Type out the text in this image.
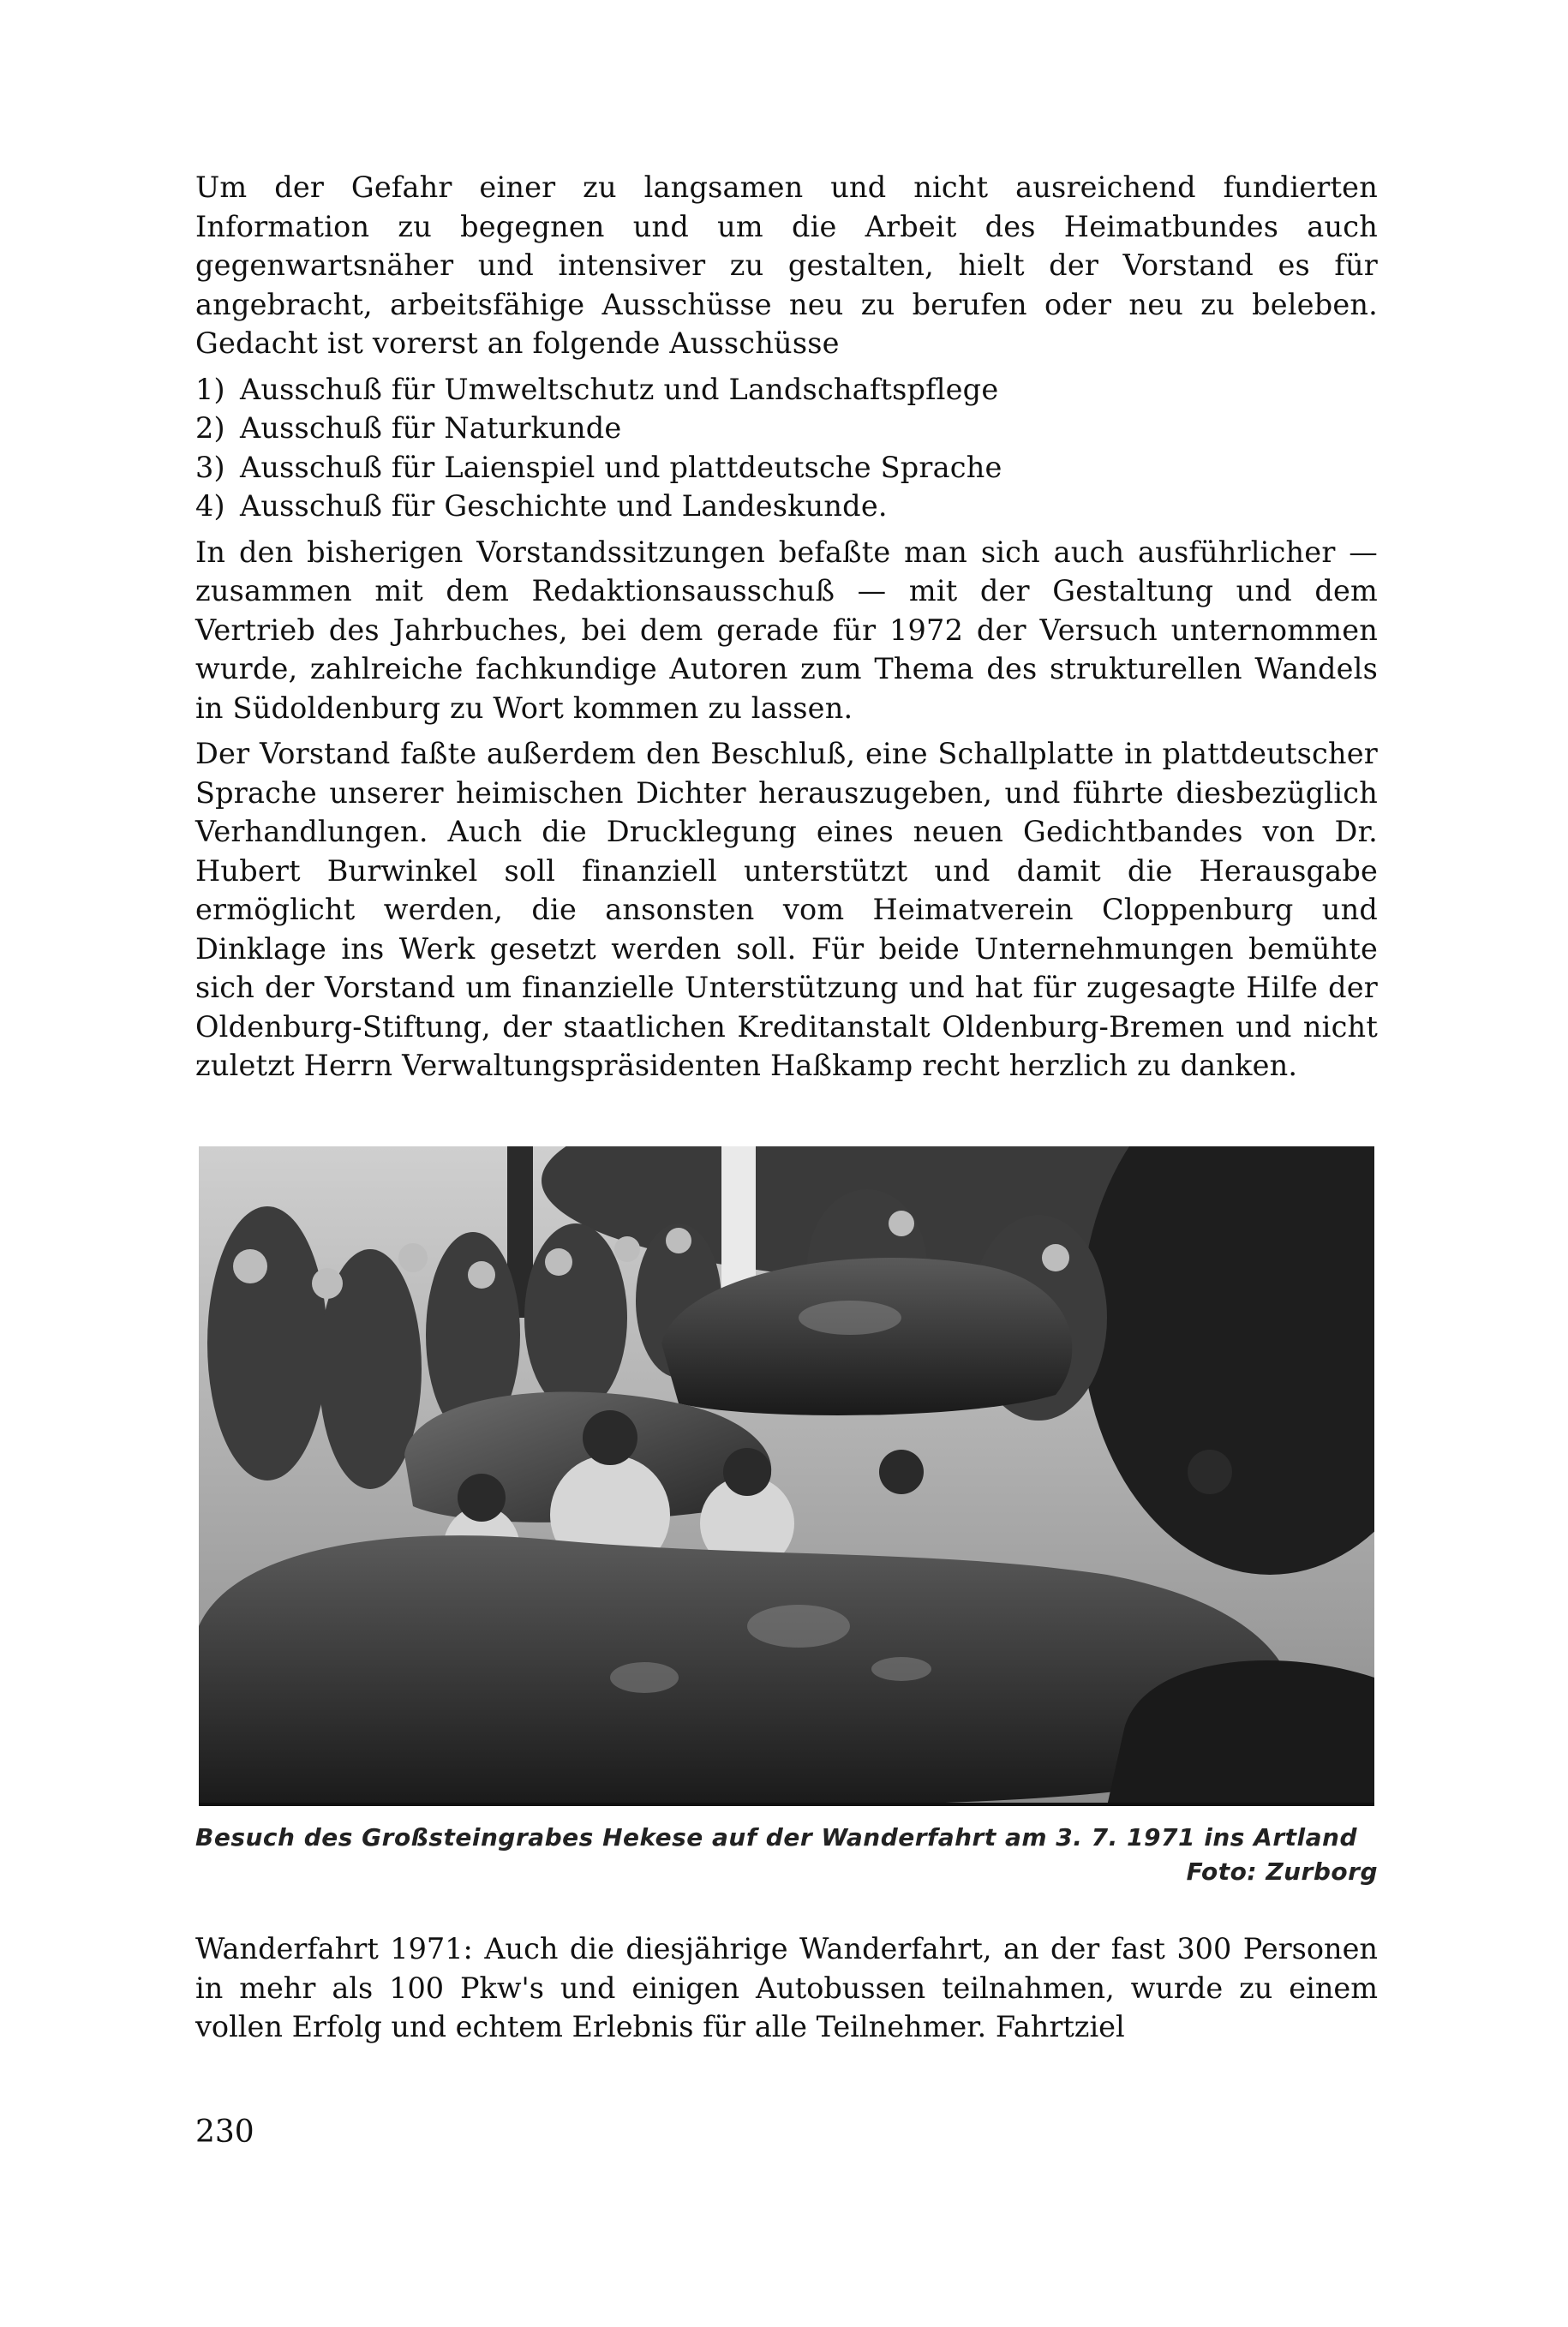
Um der Gefahr einer zu langsamen und nicht ausreichend fundierten Information zu begegnen und um die Arbeit des Heimatbundes auch gegenwartsnäher und intensiver zu gestalten, hielt der Vorstand es für angebracht, arbeitsfähige Ausschüsse neu zu berufen oder neu zu beleben. Gedacht ist vorerst an folgende Ausschüsse

1) Ausschuß für Umweltschutz und Landschaftspflege
2) Ausschuß für Naturkunde
3) Ausschuß für Laienspiel und plattdeutsche Sprache
4) Ausschuß für Geschichte und Landeskunde.

In den bisherigen Vorstandssitzungen befaßte man sich auch ausführlicher — zusammen mit dem Redaktionsausschuß — mit der Gestaltung und dem Vertrieb des Jahrbuches, bei dem gerade für 1972 der Versuch unternommen wurde, zahlreiche fachkundige Autoren zum Thema des strukturellen Wandels in Südoldenburg zu Wort kommen zu lassen.

Der Vorstand faßte außerdem den Beschluß, eine Schallplatte in plattdeutscher Sprache unserer heimischen Dichter herauszugeben, und führte diesbezüglich Verhandlungen. Auch die Drucklegung eines neuen Gedichtbandes von Dr. Hubert Burwinkel soll finanziell unterstützt und damit die Herausgabe ermöglicht werden, die ansonsten vom Heimatverein Cloppenburg und Dinklage ins Werk gesetzt werden soll. Für beide Unternehmungen bemühte sich der Vorstand um finanzielle Unterstützung und hat für zugesagte Hilfe der Oldenburg-Stiftung, der staatlichen Kreditanstalt Oldenburg-Bremen und nicht zuletzt Herrn Verwaltungspräsidenten Haßkamp recht herzlich zu danken.

Besuch des Großsteingrabes Hekese auf der Wanderfahrt am 3. 7. 1971 ins Artland
Foto: Zurborg

Wanderfahrt 1971: Auch die diesjährige Wanderfahrt, an der fast 300 Personen in mehr als 100 Pkw's und einigen Autobussen teilnahmen, wurde zu einem vollen Erfolg und echtem Erlebnis für alle Teilnehmer. Fahrtziel

230
